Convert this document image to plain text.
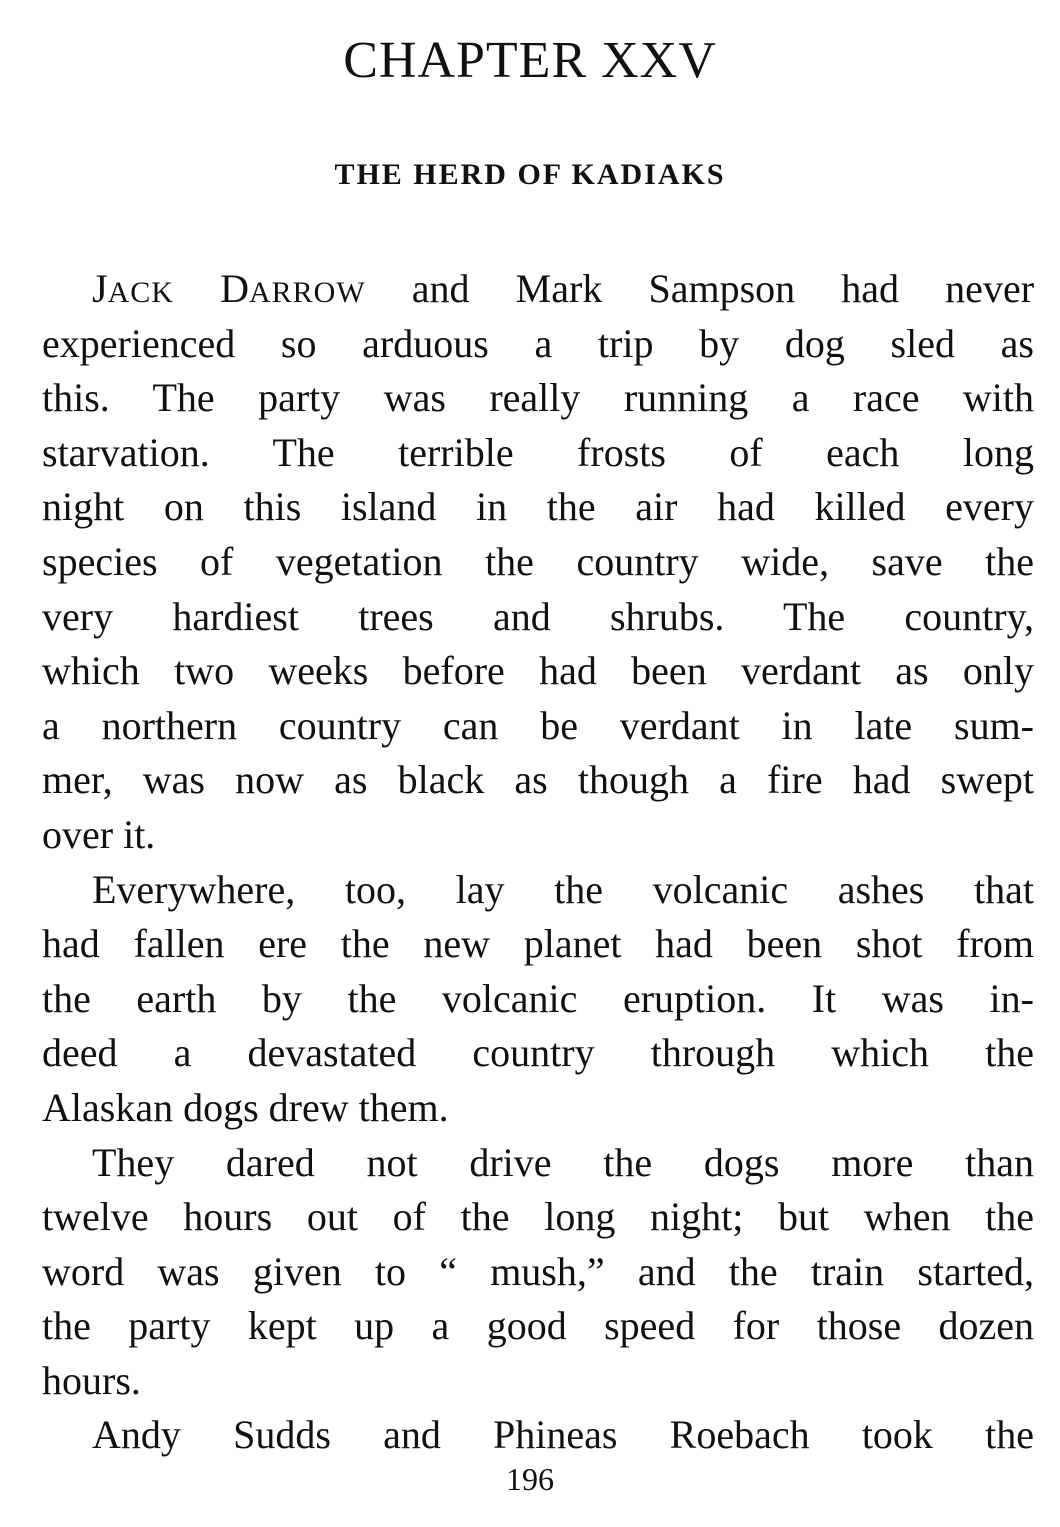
CHAPTER XXV
THE HERD OF KADIAKS
JACK DARROW and Mark Sampson had never
experienced so arduous a trip by dog sled as
this. The party was really running a race with
starvation. The terrible frosts of each long
night on this island in the air had killed every
species of vegetation the country wide, save the
very hardiest trees and shrubs. The country,
which two weeks before had been verdant as only
a northern country can be verdant in late sum-
mer, was now as black as though a fire had swept
over it.
Everywhere, too, lay the volcanic ashes that
had fallen ere the new planet had been shot from
the earth by the volcanic eruption. It was in-
deed a devastated country through which the
Alaskan dogs drew them.
They dared not drive the dogs more than
twelve hours out of the long night; but when the
word was given to “ mush,” and the train started,
the party kept up a good speed for those dozen
hours.
Andy Sudds and Phineas Roebach took the
196
